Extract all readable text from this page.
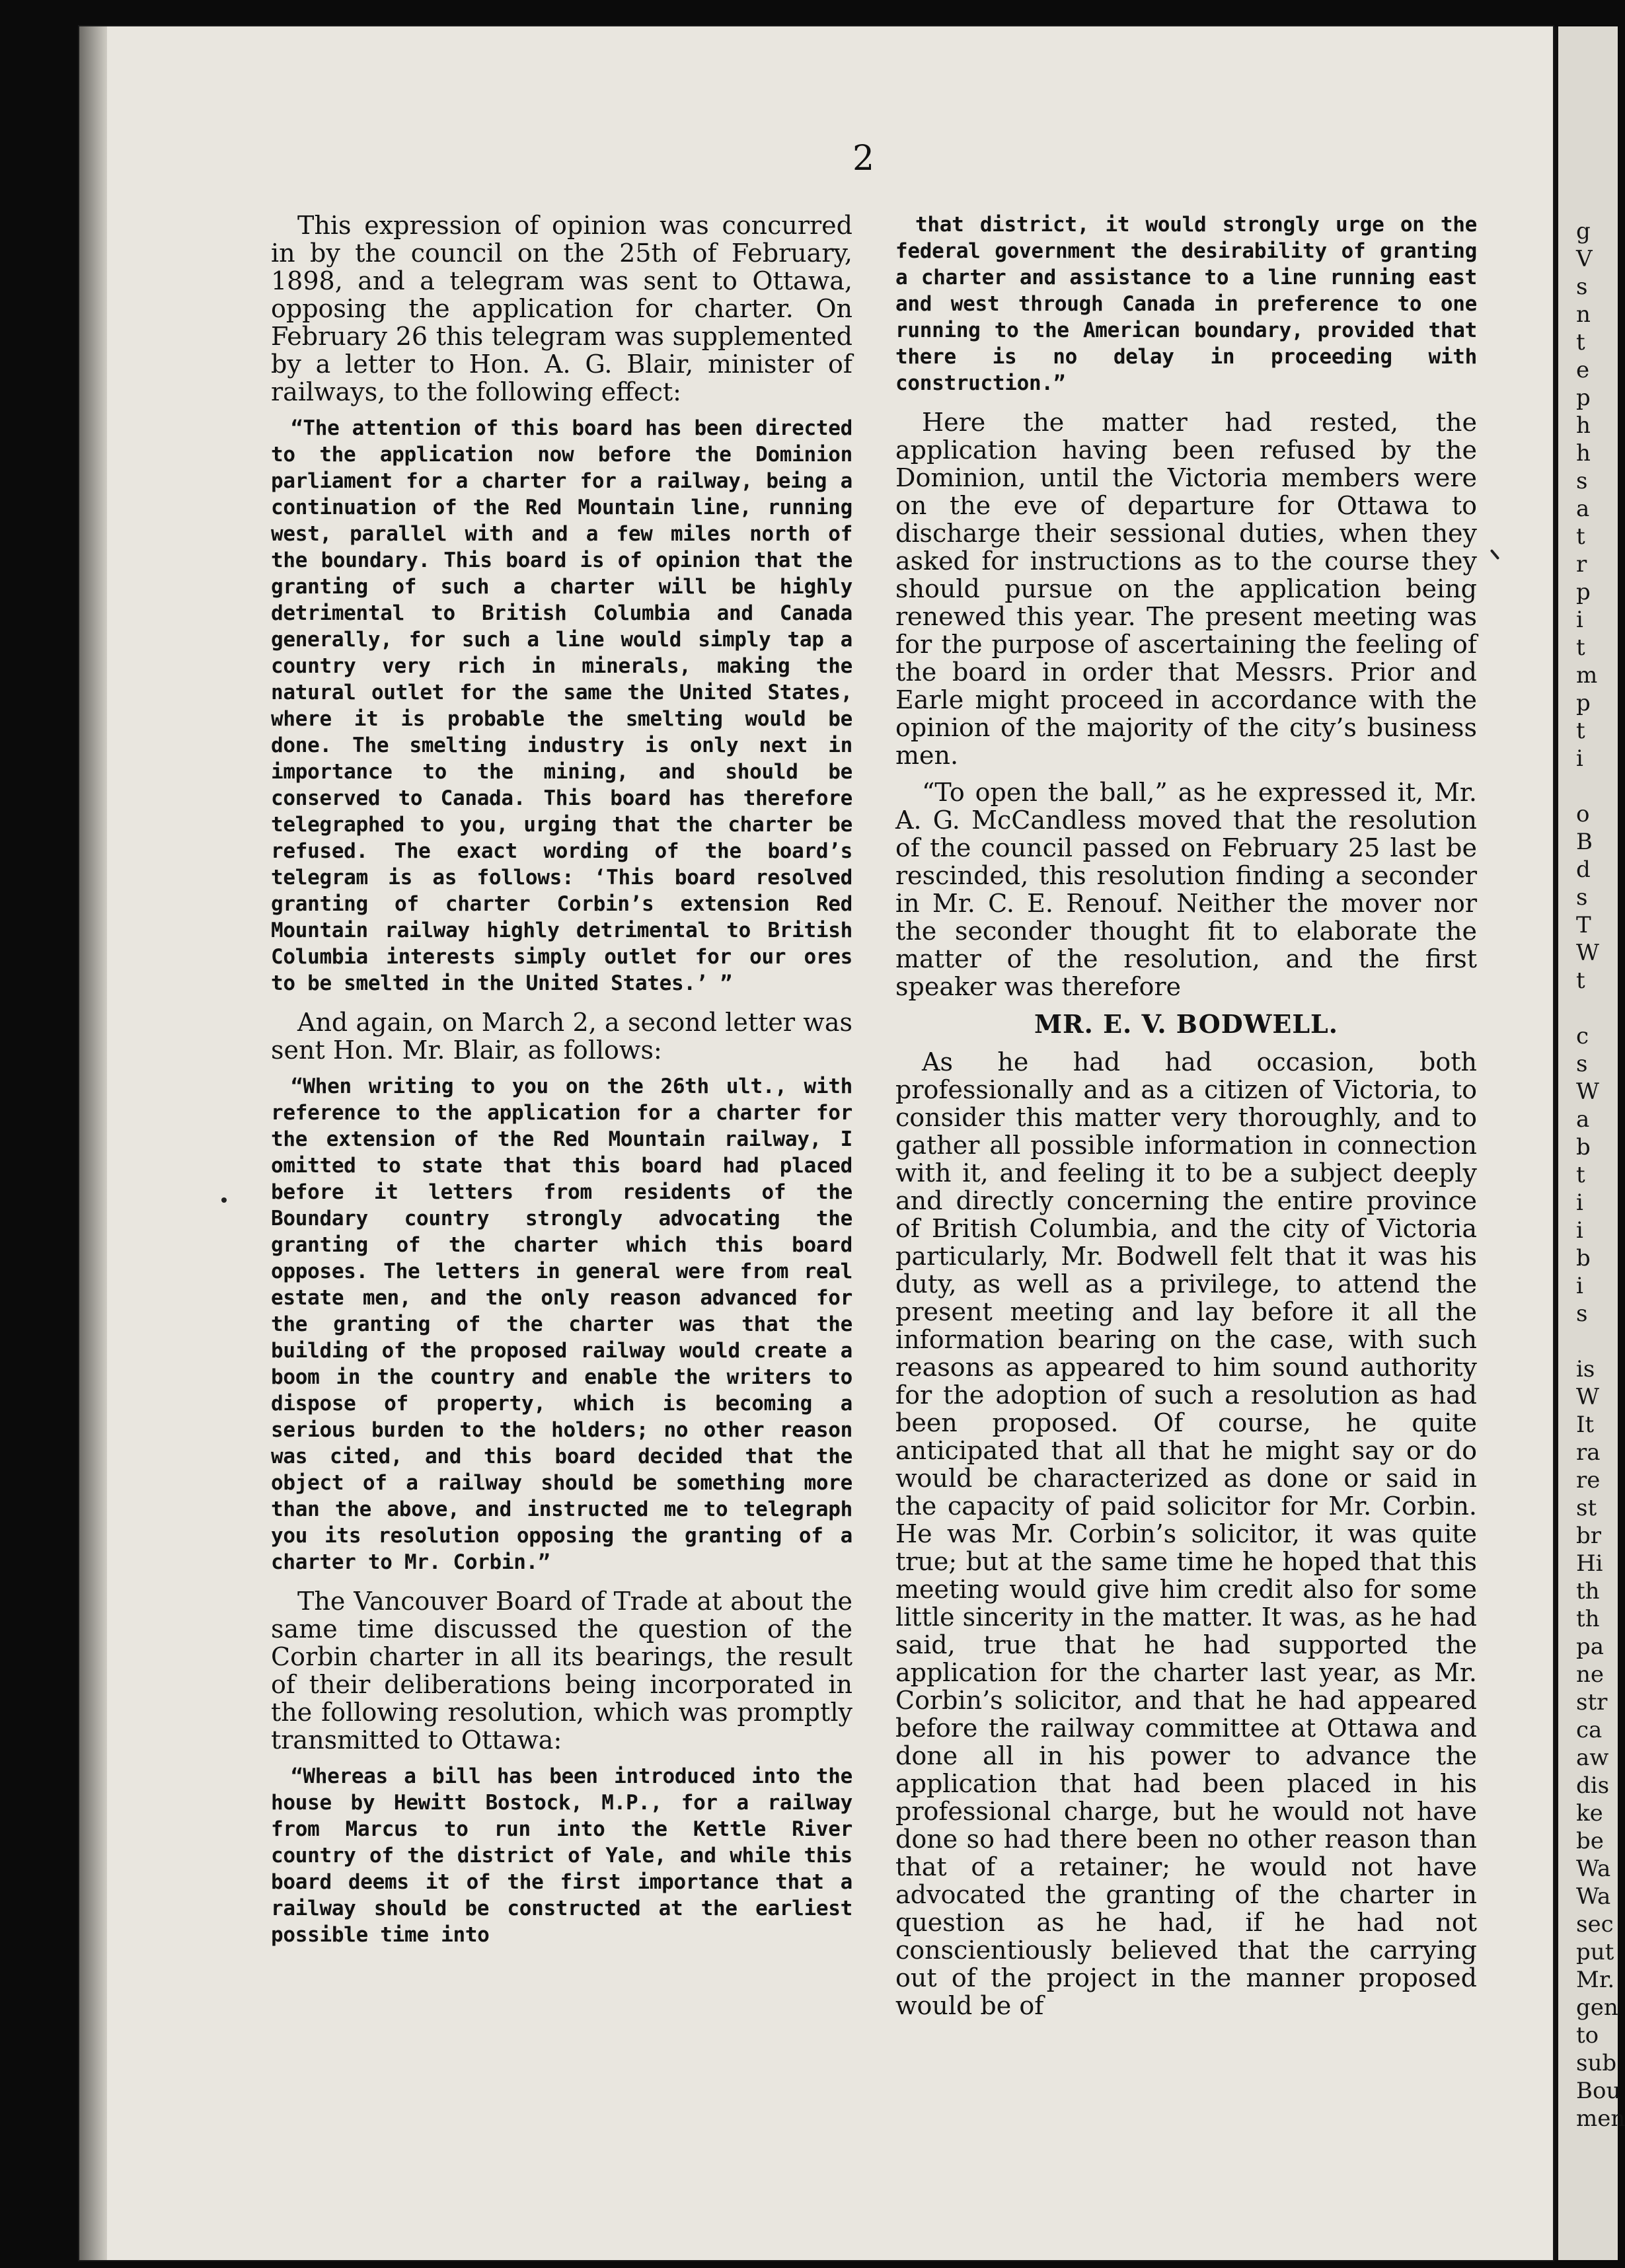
2

This expression of opinion was concurred in by the council on the 25th of February, 1898, and a telegram was sent to Ottawa, opposing the application for charter. On February 26 this telegram was supplemented by a letter to Hon. A. G. Blair, minister of railways, to the following effect:

“The attention of this board has been directed to the application now before the Dominion parliament for a charter for a railway, being a continuation of the Red Mountain line, running west, parallel with and a few miles north of the boundary. This board is of opinion that the granting of such a charter will be highly detrimental to British Columbia and Canada generally, for such a line would simply tap a country very rich in minerals, making the natural outlet for the same the United States, where it is probable the smelting would be done. The smelting industry is only next in importance to the mining, and should be conserved to Canada. This board has therefore telegraphed to you, urging that the charter be refused. The exact wording of the board’s telegram is as follows: ‘This board resolved granting of charter Corbin’s extension Red Mountain railway highly detrimental to British Columbia interests simply outlet for our ores to be smelted in the United States.’ ”

And again, on March 2, a second letter was sent Hon. Mr. Blair, as follows:

“When writing to you on the 26th ult., with reference to the application for a charter for the extension of the Red Mountain railway, I omitted to state that this board had placed before it letters from residents of the Boundary country strongly advocating the granting of the charter which this board opposes. The letters in general were from real estate men, and the only reason advanced for the granting of the charter was that the building of the proposed railway would create a boom in the country and enable the writers to dispose of property, which is becoming a serious burden to the holders; no other reason was cited, and this board decided that the object of a railway should be something more than the above, and instructed me to telegraph you its resolution opposing the granting of a charter to Mr. Corbin.”

The Vancouver Board of Trade at about the same time discussed the question of the Corbin charter in all its bearings, the result of their deliberations being incorporated in the following resolution, which was promptly transmitted to Ottawa:

“Whereas a bill has been introduced into the house by Hewitt Bostock, M.P., for a railway from Marcus to run into the Kettle River country of the district of Yale, and while this board deems it of the first importance that a railway should be constructed at the earliest possible time into

that district, it would strongly urge on the federal government the desirability of granting a charter and assistance to a line running east and west through Canada in preference to one running to the American boundary, provided that there is no delay in proceeding with construction.”

Here the matter had rested, the application having been refused by the Dominion, until the Victoria members were on the eve of departure for Ottawa to discharge their sessional duties, when they asked for instructions as to the course they should pursue on the application being renewed this year. The present meeting was for the purpose of ascertaining the feeling of the board in order that Messrs. Prior and Earle might proceed in accordance with the opinion of the majority of the city’s business men.

“To open the ball,” as he expressed it, Mr. A. G. McCandless moved that the resolution of the council passed on February 25 last be rescinded, this resolution finding a seconder in Mr. C. E. Renouf. Neither the mover nor the seconder thought fit to elaborate the matter of the resolution, and the first speaker was therefore

MR. E. V. BODWELL.

As he had had occasion, both professionally and as a citizen of Victoria, to consider this matter very thoroughly, and to gather all possible information in connection with it, and feeling it to be a subject deeply and directly concerning the entire province of British Columbia, and the city of Victoria particularly, Mr. Bodwell felt that it was his duty, as well as a privilege, to attend the present meeting and lay before it all the information bearing on the case, with such reasons as appeared to him sound authority for the adoption of such a resolution as had been proposed. Of course, he quite anticipated that all that he might say or do would be characterized as done or said in the capacity of paid solicitor for Mr. Corbin. He was Mr. Corbin’s solicitor, it was quite true; but at the same time he hoped that this meeting would give him credit also for some little sincerity in the matter. It was, as he had said, true that he had supported the application for the charter last year, as Mr. Corbin’s solicitor, and that he had appeared before the railway committee at Ottawa and done all in his power to advance the application that had been placed in his professional charge, but he would not have done so had there been no other reason than that of a retainer; he would not have advocated the granting of the charter in question as he had, if he had not conscientiously believed that the carrying out of the project in the manner proposed would be of

g
V
s
n
t
e
p
h
h
s
a
t
r
p
i
t
m
p
t
i
o
B
d
s
T
W
t
c
s
W
a
b
t
i
i
b
i
s
is
W
It
ra
re
st
br
Hi
th
th
pa
ne
str
ca
aw
dis
ke
be
Wa
Wa
sec
put
Mr.
gen
to
sub
Bou
men
